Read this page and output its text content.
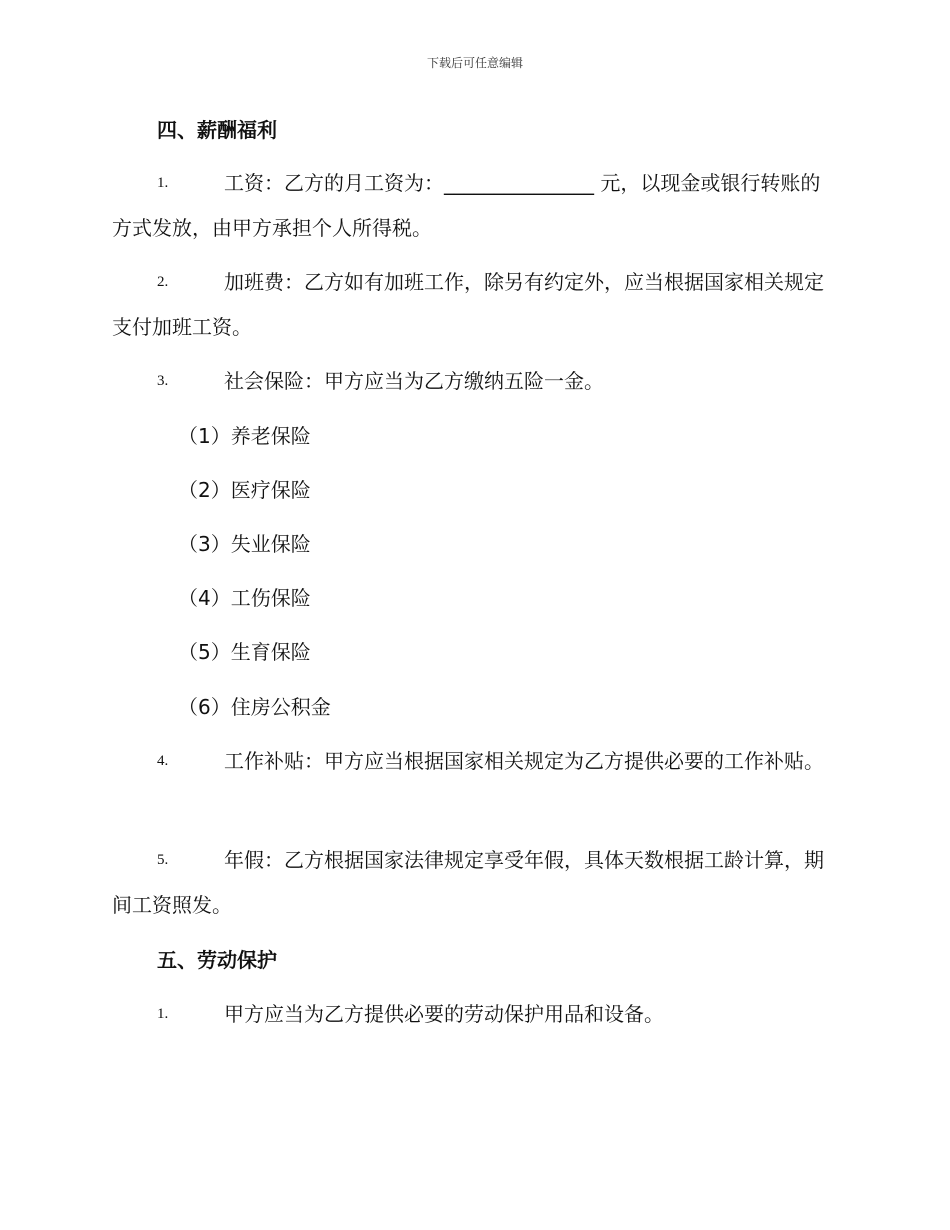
下载后可任意编辑
四、薪酬福利
1.	工资：乙方的月工资为：_______________ 元，以现金或银行转账的方式发放，由甲方承担个人所得税。

2.	加班费：乙方如有加班工作，除另有约定外，应当根据国家相关规定支付加班工资。

3.	社会保险：甲方应当为乙方缴纳五险一金。

（1）养老保险
（2）医疗保险
（3）失业保险
（4）工伤保险
（5）生育保险
（6）住房公积金
4.	工作补贴：甲方应当根据国家相关规定为乙方提供必要的工作补贴。

5.	年假：乙方根据国家法律规定享受年假，具体天数根据工龄计算，期间工资照发。

五、劳动保护
1.	甲方应当为乙方提供必要的劳动保护用品和设备。
